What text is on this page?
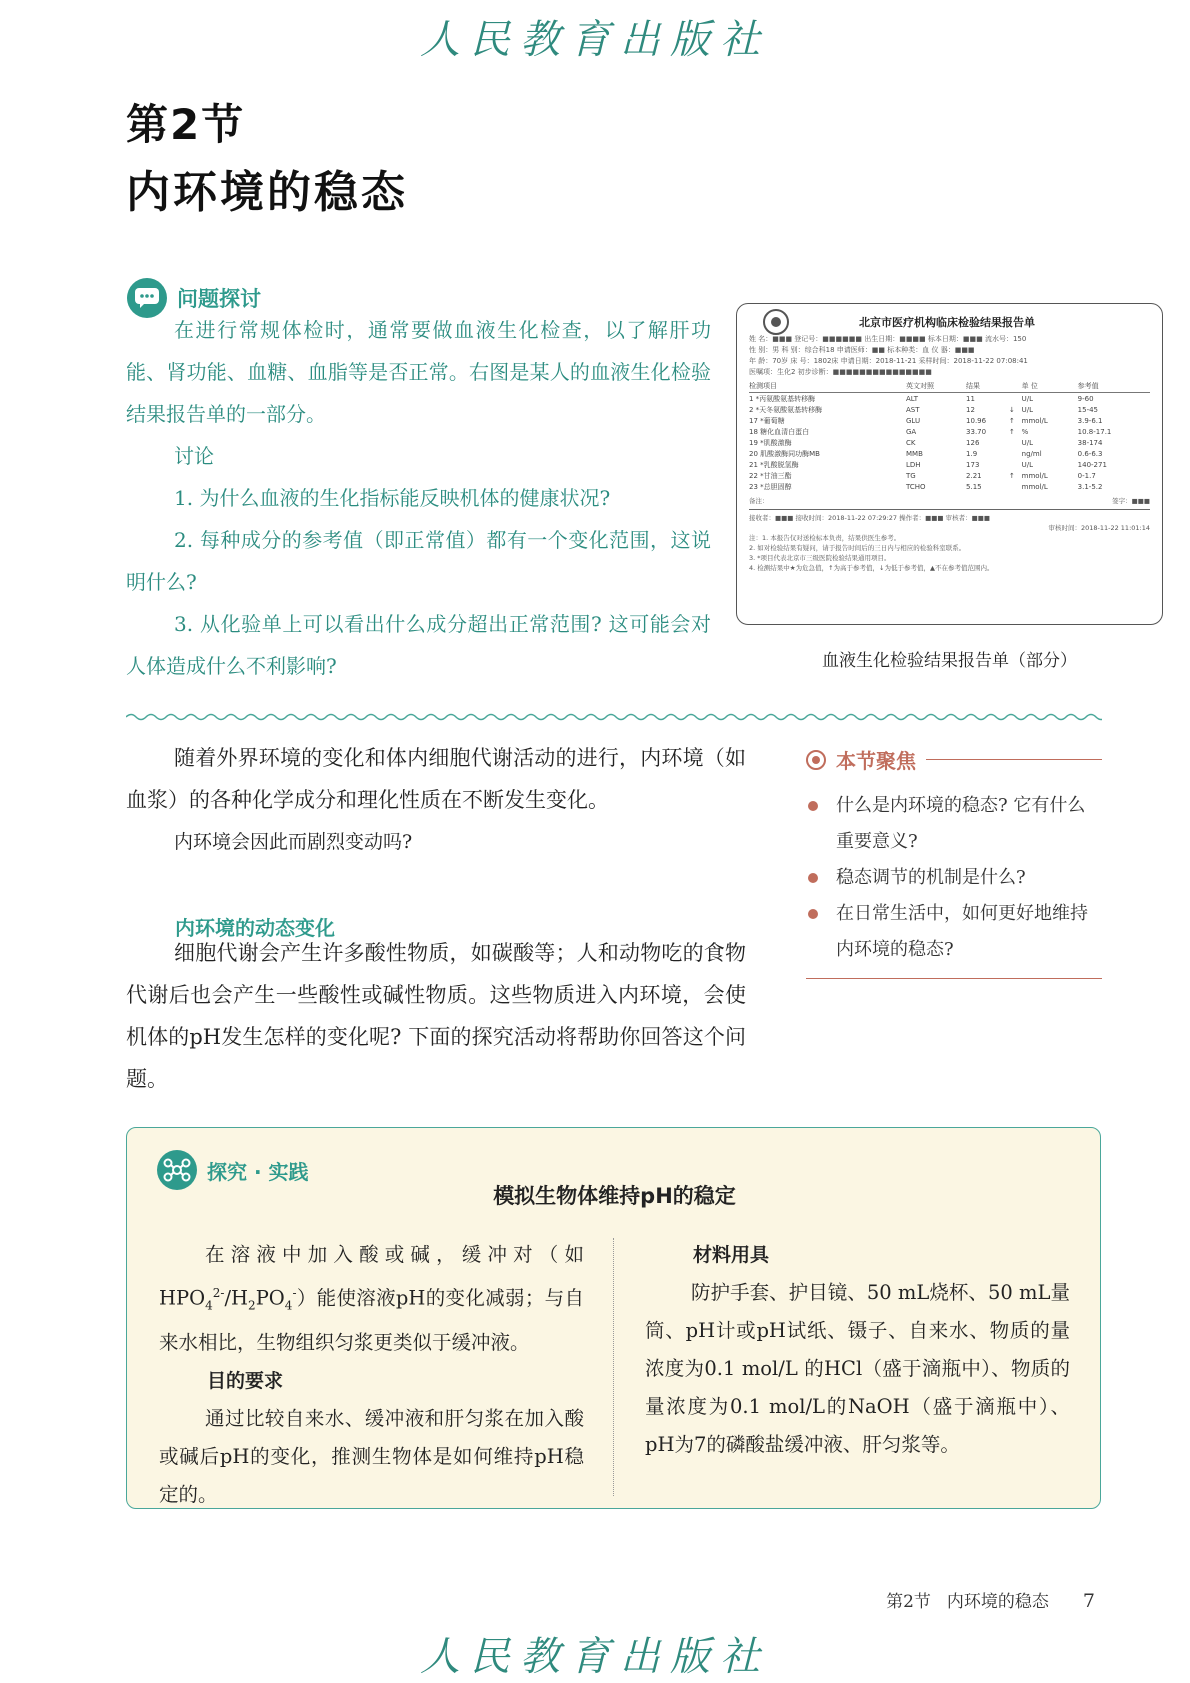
人民教育出版社
第2节
内环境的稳态
问题探讨

在进行常规体检时，通常要做血液生化检查，以了解肝功能、肾功能、血糖、血脂等是否正常。右图是某人的血液生化检验结果报告单的一部分。

讨论

1. 为什么血液的生化指标能反映机体的健康状况?

2. 每种成分的参考值（即正常值）都有一个变化范围，这说明什么?

3. 从化验单上可以看出什么成分超出正常范围? 这可能会对人体造成什么不利影响?

北京市医疗机构临床检验结果报告单
姓 名：■■■ 登记号：■■■■■■ 出生日期：■■■■ 标本日期：■■■ 流水号：150
性 别：男 科 别：综合科18 申请医师：■■ 标本种类：血 仪 器：■■■
年 龄：70岁 床 号：1802床 申请日期：2018-11-21 采样时间：2018-11-22 07:08:41
医嘱项：生化2 初步诊断：■■■■■■■■■■■■■■■
检测项目	英文对照	结果		单 位	参考值
1 *丙氨酸氨基转移酶	ALT	11		U/L	9-60
2 *天冬氨酸氨基转移酶	AST	12	↓	U/L	15-45
17 *葡萄糖	GLU	10.96	↑	mmol/L	3.9-6.1
18 糖化血清白蛋白	GA	33.70	↑	%	10.8-17.1
19 *肌酸激酶	CK	126		U/L	38-174
20 肌酸激酶同功酶MB	MMB	1.9		ng/ml	0.6-6.3
21 *乳酸脱氢酶	LDH	173		U/L	140-271
22 *甘油三酯	TG	2.21	↑	mmol/L	0-1.7
23 *总胆固醇	TCHO	5.15		mmol/L	3.1-5.2
备注：	签字：■■■
接收者：■■■ 接收时间：2018-11-22 07:29:27 操作者：■■■ 审核者：■■■
审核时间：2018-11-22 11:01:14
注：1. 本报告仅对送检标本负责，结果供医生参考。
2. 如对检验结果有疑问，请于报告时间后的三日内与相应的检验科室联系。
3. *项目代表北京市三级医院检验结果通用项目。
4. 检测结果中★为危急值，↑为高于参考值，↓为低于参考值，▲不在参考值范围内。
血液生化检验结果报告单（部分）

随着外界环境的变化和体内细胞代谢活动的进行，内环境（如血浆）的各种化学成分和理化性质在不断发生变化。

内环境会因此而剧烈变动吗?

内环境的动态变化

细胞代谢会产生许多酸性物质，如碳酸等；人和动物吃的食物代谢后也会产生一些酸性或碱性物质。这些物质进入内环境，会使机体的pH发生怎样的变化呢? 下面的探究活动将帮助你回答这个问题。

本节聚焦
什么是内环境的稳态? 它有什么重要意义?
稳态调节的机制是什么?
在日常生活中，如何更好地维持内环境的稳态?
探究 · 实践
模拟生物体维持pH的稳定

在溶液中加入酸或碱，缓冲对（如$HPO_4^{2-}/H_2PO_4^-$）能使溶液pH的变化减弱；与自来水相比，生物组织匀浆更类似于缓冲液。

目的要求

通过比较自来水、缓冲液和肝匀浆在加入酸或碱后pH的变化，推测生物体是如何维持pH稳定的。

材料用具

防护手套、护目镜、50 mL烧杯、50 mL量筒、pH计或pH试纸、镊子、自来水、物质的量浓度为0.1 mol/L 的HCl（盛于滴瓶中）、物质的量浓度为0.1 mol/L的NaOH（盛于滴瓶中）、pH为7的磷酸盐缓冲液、肝匀浆等。

第2节 内环境的稳态 7
人民教育出版社
